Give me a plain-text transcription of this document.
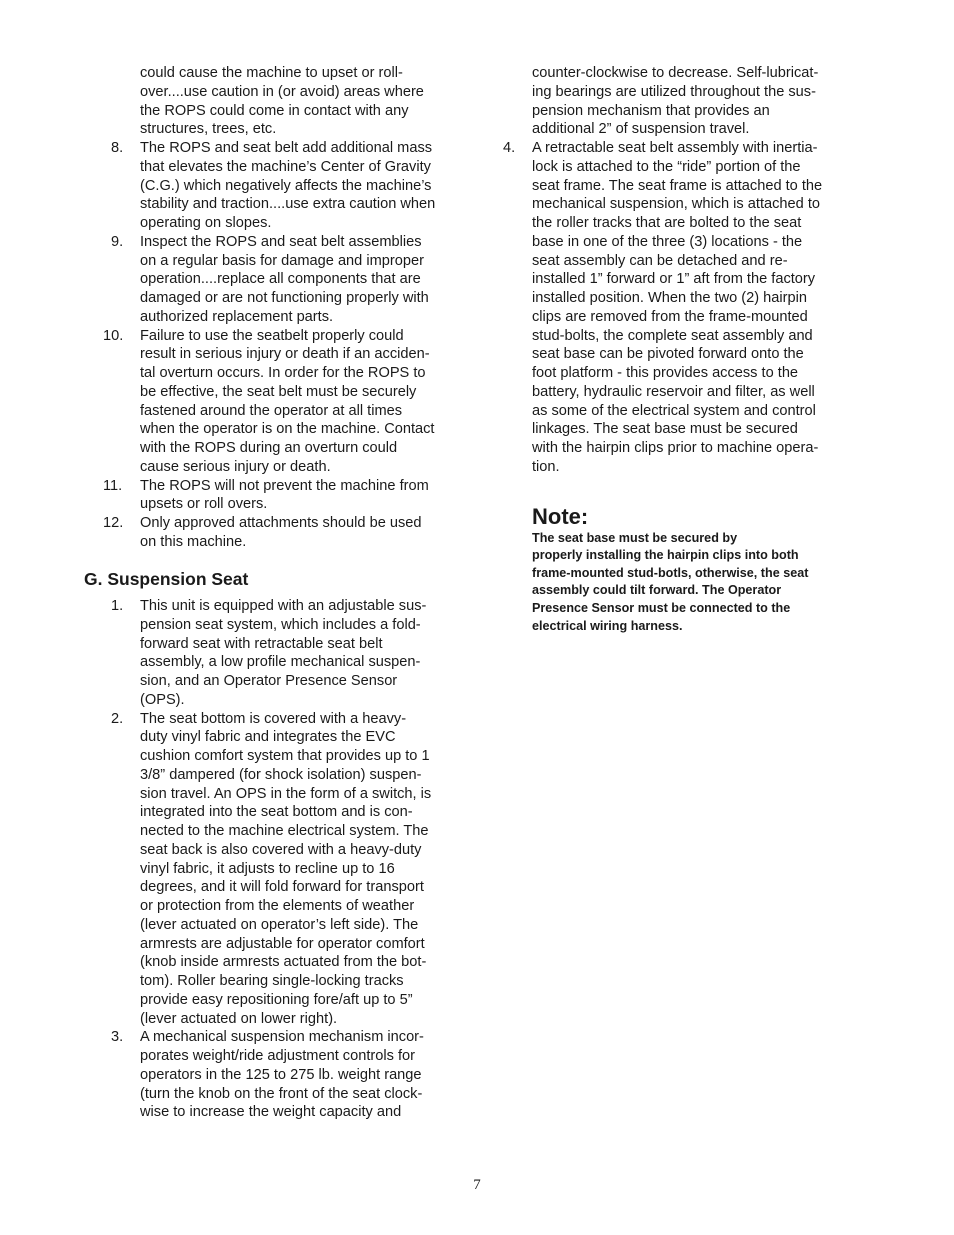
could cause the machine to upset or roll-
over....use caution in (or avoid) areas where
the ROPS could come in contact with any
structures, trees, etc.
8. The ROPS and seat belt add additional mass
that elevates the machine’s Center of Gravity
(C.G.) which negatively affects the machine’s
stability and traction....use extra caution when
operating on slopes.
9. Inspect the ROPS and seat belt assemblies
on a regular basis for damage and improper
operation....replace all components that are
damaged or are not functioning properly with
authorized replacement parts.
10. Failure to use the seatbelt properly could
result in serious injury or death if an acciden-
tal overturn occurs. In order for the ROPS to
be effective, the seat belt must be securely
fastened around the operator at all times
when the operator is on the machine. Contact
with the ROPS during an overturn could
cause serious injury or death.
11. The ROPS will not prevent the machine from
upsets or roll overs.
12. Only approved attachments should be used
on this machine.
G. Suspension Seat
1. This unit is equipped with an adjustable sus-
pension seat system, which includes a fold-
forward seat with retractable seat belt
assembly, a low profile mechanical suspen-
sion, and an Operator Presence Sensor
(OPS).
2. The seat bottom is covered with a heavy-
duty vinyl fabric and integrates the EVC
cushion comfort system that provides up to 1
3/8” dampered (for shock isolation) suspen-
sion travel. An OPS in the form of a switch, is
integrated into the seat bottom and is con-
nected to the machine electrical system. The
seat back is also covered with a heavy-duty
vinyl fabric, it adjusts to recline up to 16
degrees, and it will fold forward for transport
or protection from the elements of weather
(lever actuated on operator’s left side). The
armrests are adjustable for operator comfort
(knob inside armrests actuated from the bot-
tom). Roller bearing single-locking tracks
provide easy repositioning fore/aft up to 5”
(lever actuated on lower right).
3. A mechanical suspension mechanism incor-
porates weight/ride adjustment controls for
operators in the 125 to 275 lb. weight range
(turn the knob on the front of the seat clock-
wise to increase the weight capacity and
counter-clockwise to decrease. Self-lubricat-
ing bearings are utilized throughout the sus-
pension mechanism that provides an
additional 2” of suspension travel.
4. A retractable seat belt assembly with inertia-
lock is attached to the “ride” portion of the
seat frame. The seat frame is attached to the
mechanical suspension, which is attached to
the roller tracks that are bolted to the seat
base in one of the three (3) locations - the
seat assembly can be detached and re-
installed 1” forward or 1” aft from the factory
installed position. When the two (2) hairpin
clips are removed from the frame-mounted
stud-bolts, the complete seat assembly and
seat base can be pivoted forward onto the
foot platform - this provides access to the
battery, hydraulic reservoir and filter, as well
as some of the electrical system and control
linkages. The seat base must be secured
with the hairpin clips prior to machine opera-
tion.

Note:
The seat base must be secured by
properly installing the hairpin clips into both
frame-mounted stud-botls, otherwise, the seat
assembly could tilt forward. The Operator
Presence Sensor must be connected to the
electrical wiring harness.

7
